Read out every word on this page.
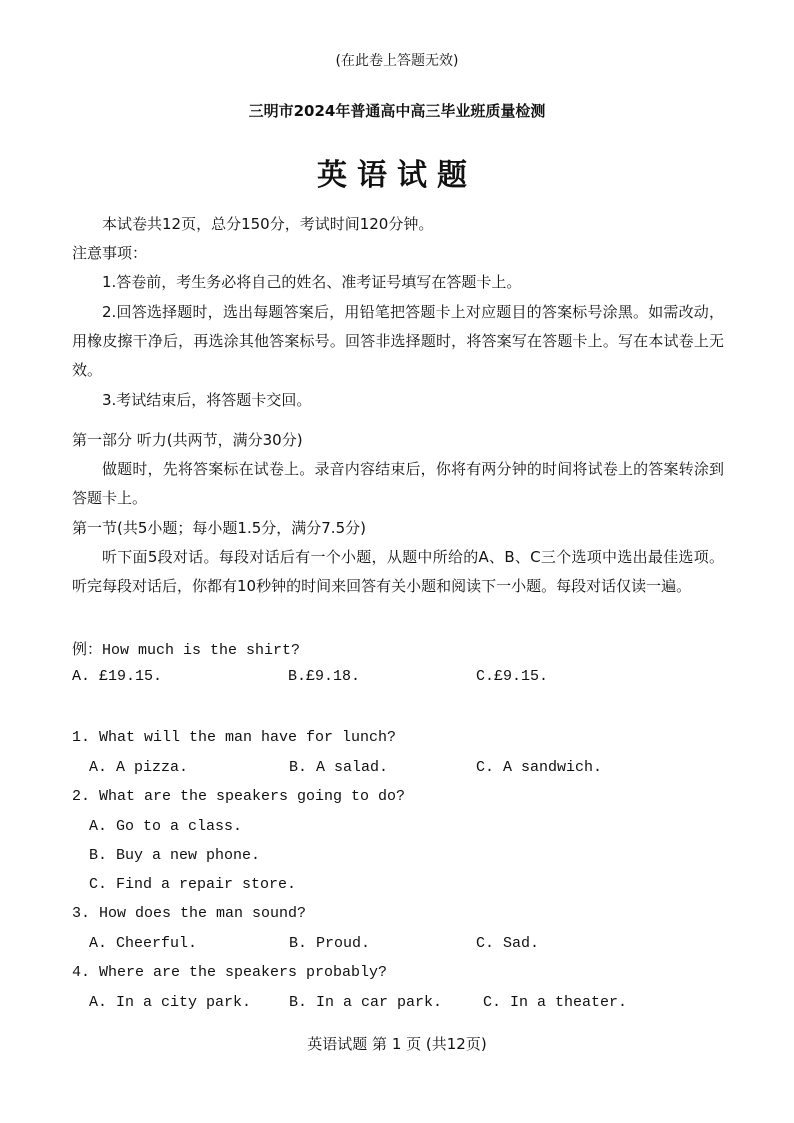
(在此卷上答题无效)
三明市2024年普通高中高三毕业班质量检测
英语试题
本试卷共12页，总分150分，考试时间120分钟。
注意事项：
1.答卷前，考生务必将自己的姓名、准考证号填写在答题卡上。
2.回答选择题时，选出每题答案后，用铅笔把答题卡上对应题目的答案标号涂黑。如需改动，用橡皮擦干净后，再选涂其他答案标号。回答非选择题时，将答案写在答题卡上。写在本试卷上无效。
3.考试结束后，将答题卡交回。
第一部分 听力(共两节，满分30分)
做题时，先将答案标在试卷上。录音内容结束后，你将有两分钟的时间将试卷上的答案转涂到答题卡上。
第一节(共5小题；每小题1.5分，满分7.5分)
听下面5段对话。每段对话后有一个小题，从题中所给的A、B、C三个选项中选出最佳选项。听完每段对话后，你都有10秒钟的时间来回答有关小题和阅读下一小题。每段对话仅读一遍。
例：How much is the shirt?
A. £19.15.	B.£9.18.	C.£9.15.
1. What will the man have for lunch?
A. A pizza.	B. A salad.	C. A sandwich.
2. What are the speakers going to do?
A. Go to a class.
B. Buy a new phone.
C. Find a repair store.
3. How does the man sound?
A. Cheerful.	B. Proud.	C. Sad.
4. Where are the speakers probably?
A. In a city park.	B. In a car park.	C. In a theater.
英语试题 第 1 页 (共12页)
